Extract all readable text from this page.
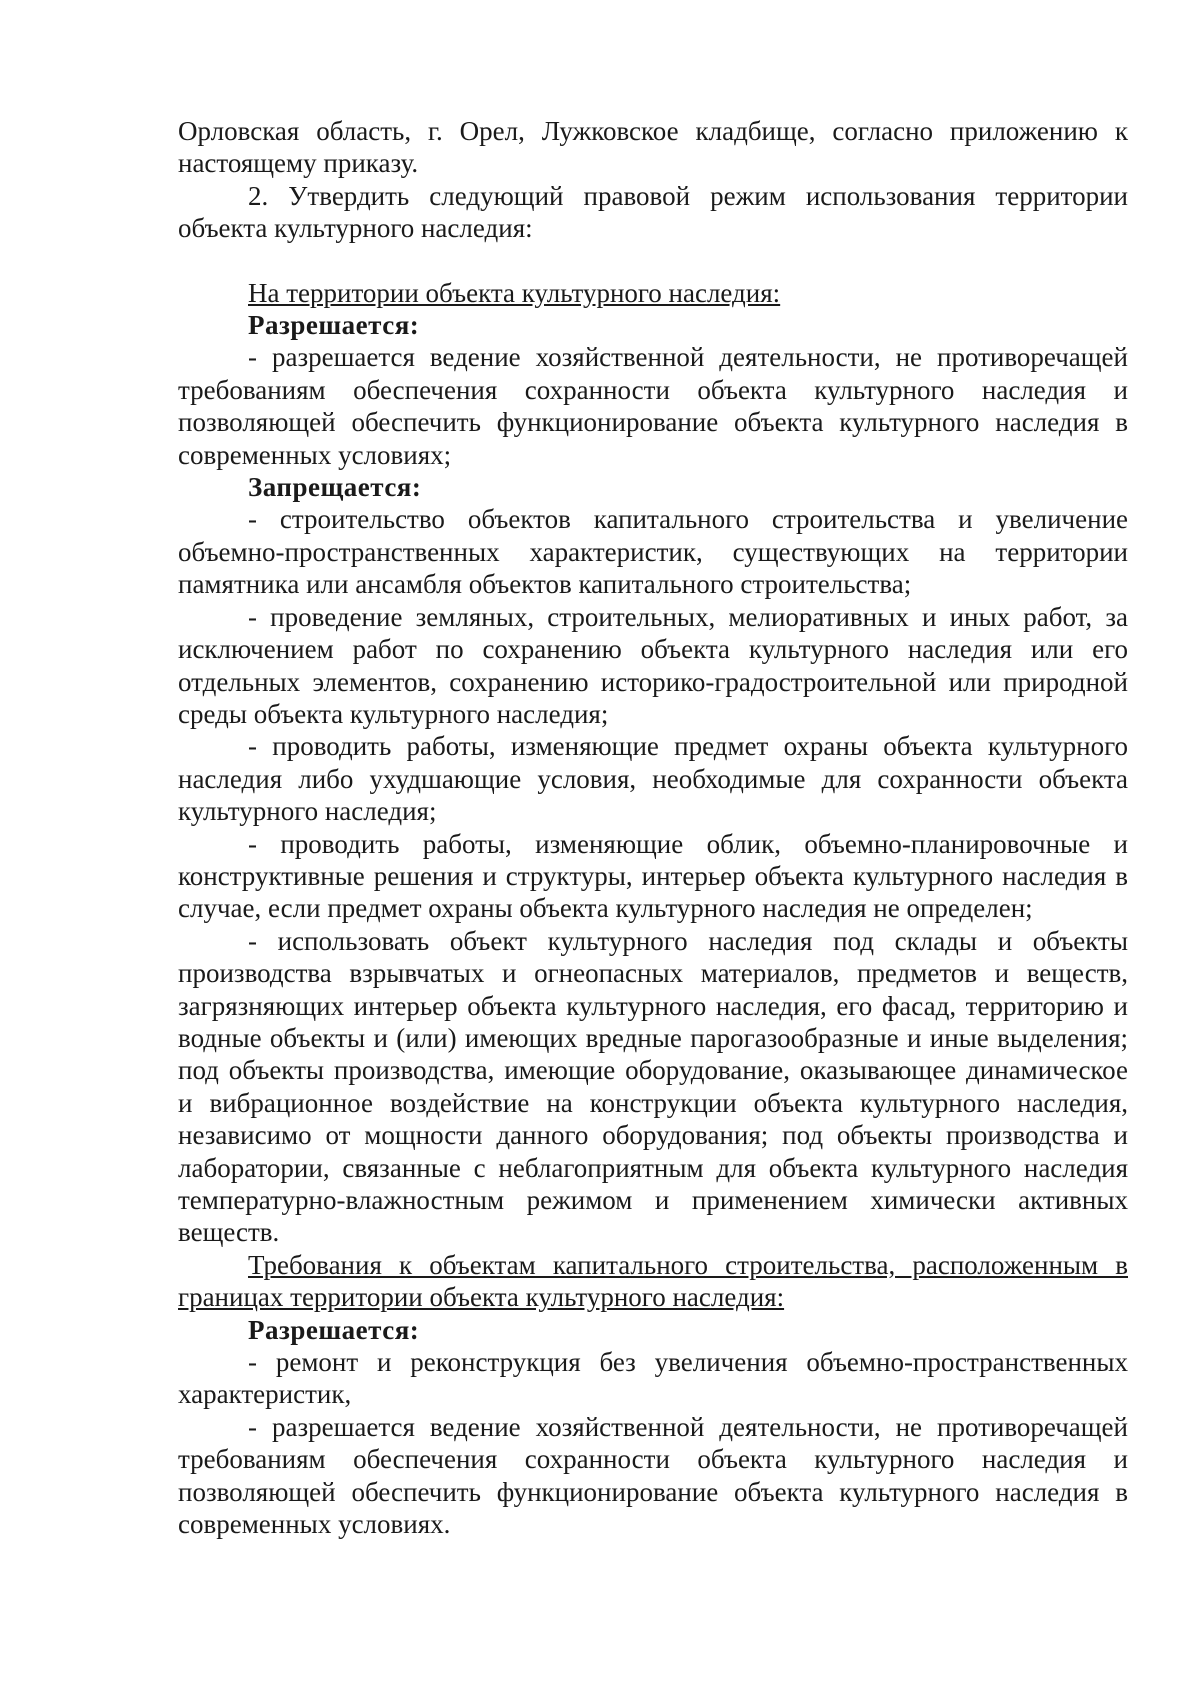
Орловская область, г. Орел, Лужковское кладбище, согласно приложению к настоящему приказу.

2. Утвердить следующий правовой режим использования территории объекта культурного наследия:

На территории объекта культурного наследия:

Разрешается:

- разрешается ведение хозяйственной деятельности, не противоречащей требованиям обеспечения сохранности объекта культурного наследия и позволяющей обеспечить функционирование объекта культурного наследия в современных условиях;

Запрещается:

- строительство объектов капитального строительства и увеличение объемно-пространственных характеристик, существующих на территории памятника или ансамбля объектов капитального строительства;

- проведение земляных, строительных, мелиоративных и иных работ, за исключением работ по сохранению объекта культурного наследия или его отдельных элементов, сохранению историко-градостроительной или природной среды объекта культурного наследия;

- проводить работы, изменяющие предмет охраны объекта культурного наследия либо ухудшающие условия, необходимые для сохранности объекта культурного наследия;

- проводить работы, изменяющие облик, объемно-планировочные и конструктивные решения и структуры, интерьер объекта культурного наследия в случае, если предмет охраны объекта культурного наследия не определен;

- использовать объект культурного наследия под склады и объекты производства взрывчатых и огнеопасных материалов, предметов и веществ, загрязняющих интерьер объекта культурного наследия, его фасад, территорию и водные объекты и (или) имеющих вредные парогазообразные и иные выделения; под объекты производства, имеющие оборудование, оказывающее динамическое и вибрационное воздействие на конструкции объекта культурного наследия, независимо от мощности данного оборудования; под объекты производства и лаборатории, связанные с неблагоприятным для объекта культурного наследия температурно-влажностным режимом и применением химически активных веществ.

Требования к объектам капитального строительства, расположенным в границах территории объекта культурного наследия:

Разрешается:

- ремонт и реконструкция без увеличения объемно-пространственных характеристик,

- разрешается ведение хозяйственной деятельности, не противоречащей требованиям обеспечения сохранности объекта культурного наследия и позволяющей обеспечить функционирование объекта культурного наследия в современных условиях.
